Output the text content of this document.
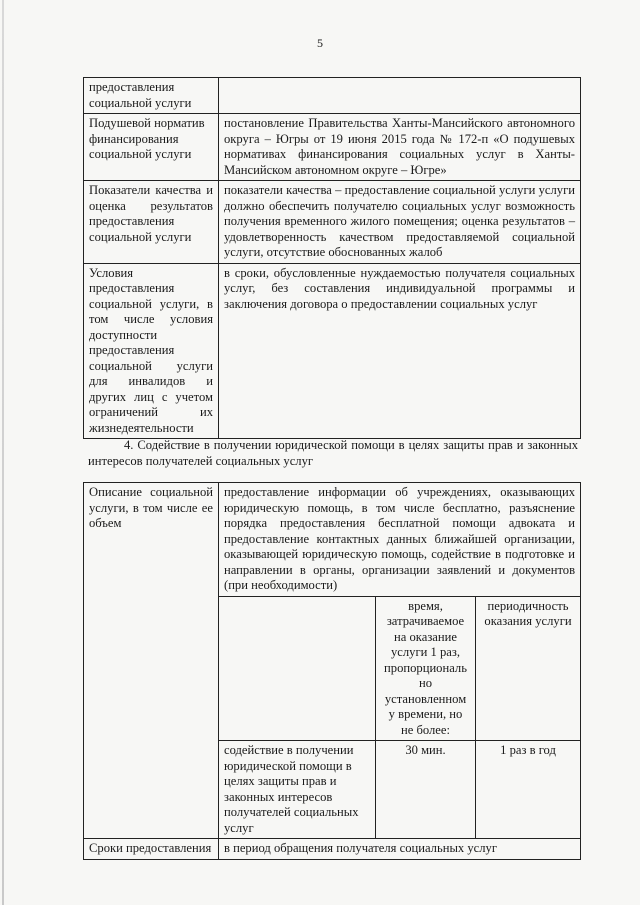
5
предоставления социальной услуги	
Подушевой норматив финансирования социальной услуги	постановление Правительства Ханты-Мансийского автономного округа – Югры от 19 июня 2015 года № 172-п «О подушевых нормативах финансирования социальных услуг в Ханты-Мансийском автономном округе – Югре»
Показатели качества и оценка результатов предоставления социальной услуги	показатели качества – предоставление социальной услуги услуги должно обеспечить получателю социальных услуг возможность получения временного жилого помещения; оценка результатов – удовлетворенность качеством предоставляемой социальной услуги, отсутствие обоснованных жалоб
Условия предоставления социальной услуги, в том числе условия доступности предоставления социальной услуги для инвалидов и других лиц с учетом ограничений их жизнедеятельности	в сроки, обусловленные нуждаемостью получателя социальных услуг, без составления индивидуальной программы и заключения договора о предоставлении социальных услуг
4. Содействие в получении юридической помощи в целях защиты прав и законных интересов получателей социальных услуг
Описание социальной услуги, в том числе ее объем	предоставление информации об учреждениях, оказывающих юридическую помощь, в том числе бесплатно, разъяснение порядка предоставления бесплатной помощи адвоката и предоставление контактных данных ближайшей организации, оказывающей юридическую помощь, содействие в подготовке и направлении в органы, организации заявлений и документов (при необходимости)		
		время, затрачиваемое на оказание услуги 1 раз, пропорциональ но установленном у времени, но не более:	периодичность оказания услуги
	содействие в получении юридической помощи в целях защиты прав и законных интересов получателей социальных услуг	30 мин.	1 раз в год
Сроки предоставления	в период обращения получателя социальных услуг		
